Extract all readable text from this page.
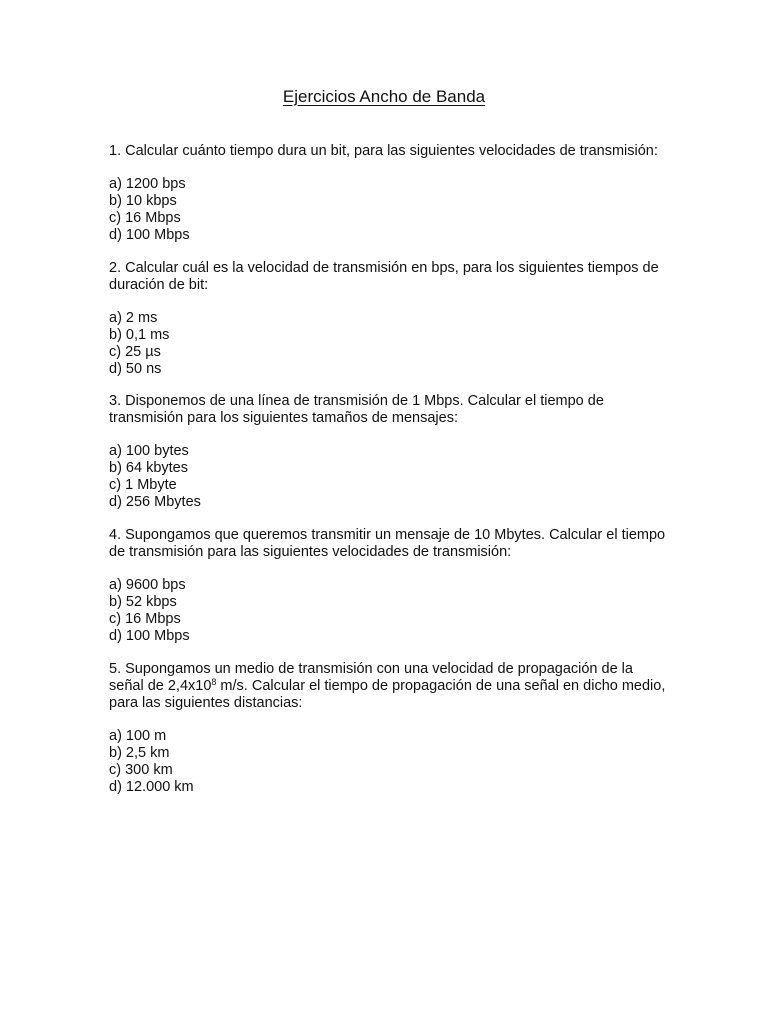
Ejercicios Ancho de Banda

1. Calcular cuánto tiempo dura un bit, para las siguientes velocidades de transmisión:

a) 1200 bps
b) 10 kbps
c) 16 Mbps
d) 100 Mbps

2. Calcular cuál es la velocidad de transmisión en bps, para los siguientes tiempos de duración de bit:

a) 2 ms
b) 0,1 ms
c) 25 µs
d) 50 ns

3. Disponemos de una línea de transmisión de 1 Mbps. Calcular el tiempo de transmisión para los siguientes tamaños de mensajes:

a) 100 bytes
b) 64 kbytes
c) 1 Mbyte
d) 256 Mbytes

4. Supongamos que queremos transmitir un mensaje de 10 Mbytes. Calcular el tiempo de transmisión para las siguientes velocidades de transmisión:

a) 9600 bps
b) 52 kbps
c) 16 Mbps
d) 100 Mbps

5. Supongamos un medio de transmisión con una velocidad de propagación de la señal de $2,4x10^8$ m/s. Calcular el tiempo de propagación de una señal en dicho medio, para las siguientes distancias:

a) 100 m
b) 2,5 km
c) 300 km
d) 12.000 km
